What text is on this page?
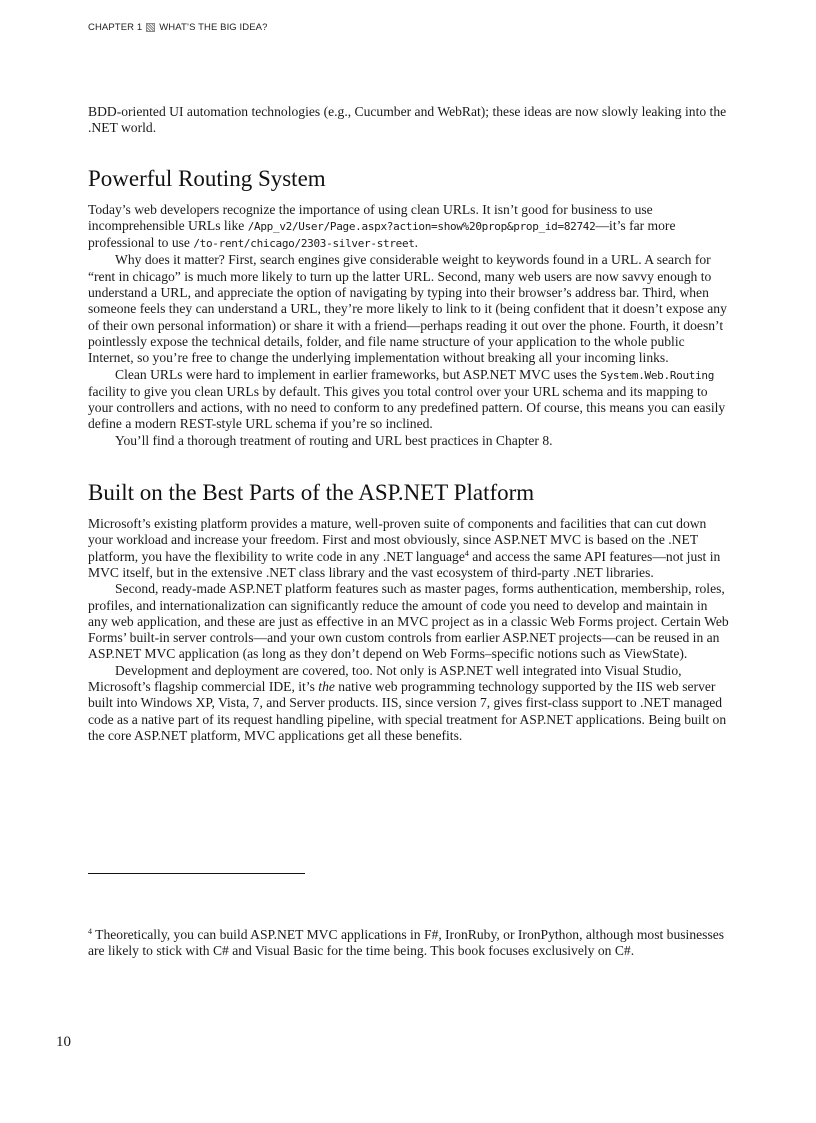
CHAPTER 1 WHAT’S THE BIG IDEA?

BDD-oriented UI automation technologies (e.g., Cucumber and WebRat); these ideas are now slowly leaking into the .NET world.

Powerful Routing System

Today’s web developers recognize the importance of using clean URLs. It isn’t good for business to use incomprehensible URLs like /App_v2/User/Page.aspx?action=show%20prop&prop_id=82742—it’s far more professional to use /to-rent/chicago/2303-silver-street.

Why does it matter? First, search engines give considerable weight to keywords found in a URL. A search for “rent in chicago” is much more likely to turn up the latter URL. Second, many web users are now savvy enough to understand a URL, and appreciate the option of navigating by typing into their browser’s address bar. Third, when someone feels they can understand a URL, they’re more likely to link to it (being confident that it doesn’t expose any of their own personal information) or share it with a friend—perhaps reading it out over the phone. Fourth, it doesn’t pointlessly expose the technical details, folder, and file name structure of your application to the whole public Internet, so you’re free to change the underlying implementation without breaking all your incoming links.

Clean URLs were hard to implement in earlier frameworks, but ASP.NET MVC uses the System.Web.Routing facility to give you clean URLs by default. This gives you total control over your URL schema and its mapping to your controllers and actions, with no need to conform to any predefined pattern. Of course, this means you can easily define a modern REST-style URL schema if you’re so inclined.

You’ll find a thorough treatment of routing and URL best practices in Chapter 8.

Built on the Best Parts of the ASP.NET Platform

Microsoft’s existing platform provides a mature, well-proven suite of components and facilities that can cut down your workload and increase your freedom. First and most obviously, since ASP.NET MVC is based on the .NET platform, you have the flexibility to write code in any .NET language$^4$ and access the same API features—not just in MVC itself, but in the extensive .NET class library and the vast ecosystem of third-party .NET libraries.

Second, ready-made ASP.NET platform features such as master pages, forms authentication, membership, roles, profiles, and internationalization can significantly reduce the amount of code you need to develop and maintain in any web application, and these are just as effective in an MVC project as in a classic Web Forms project. Certain Web Forms’ built-in server controls—and your own custom controls from earlier ASP.NET projects—can be reused in an ASP.NET MVC application (as long as they don’t depend on Web Forms–specific notions such as ViewState).

Development and deployment are covered, too. Not only is ASP.NET well integrated into Visual Studio, Microsoft’s flagship commercial IDE, it’s the native web programming technology supported by the IIS web server built into Windows XP, Vista, 7, and Server products. IIS, since version 7, gives first-class support to .NET managed code as a native part of its request handling pipeline, with special treatment for ASP.NET applications. Being built on the core ASP.NET platform, MVC applications get all these benefits.

$^4$ Theoretically, you can build ASP.NET MVC applications in F#, IronRuby, or IronPython, although most businesses are likely to stick with C# and Visual Basic for the time being. This book focuses exclusively on C#.
10
